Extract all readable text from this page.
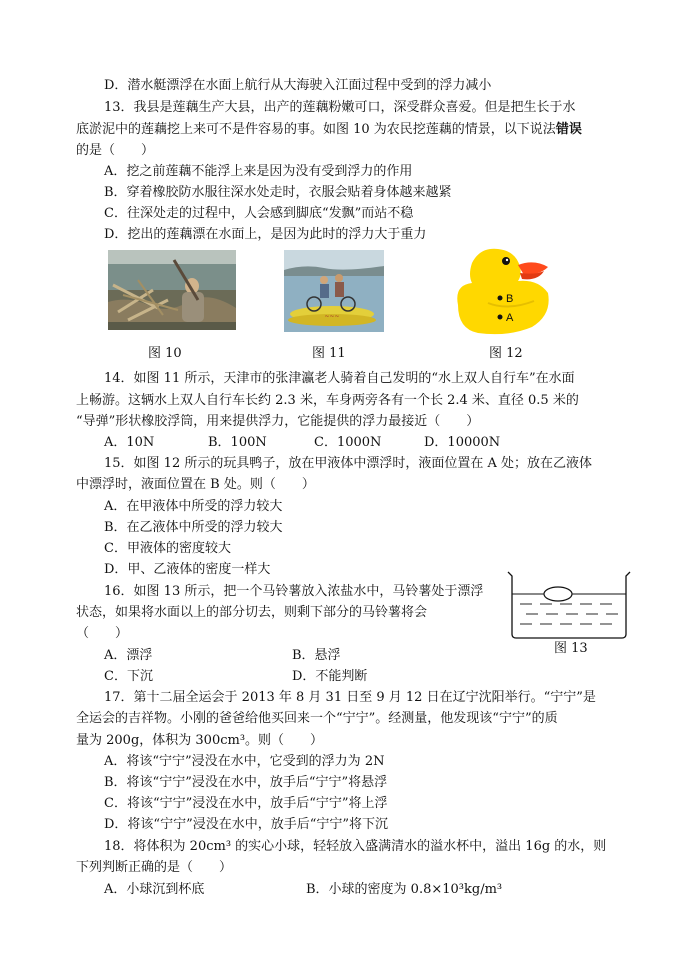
D．潜水艇漂浮在水面上航行从大海驶入江面过程中受到的浮力减小
13．我县是莲藕生产大县，出产的莲藕粉嫩可口，深受群众喜爱。但是把生长于水
底淤泥中的莲藕挖上来可不是件容易的事。如图 10 为农民挖莲藕的情景，以下说法错误
的是（　　）
A．挖之前莲藕不能浮上来是因为没有受到浮力的作用
B．穿着橡胶防水服往深水处走时，衣服会贴着身体越来越紧
C．往深处走的过程中，人会感到脚底“发飘”而站不稳
D．挖出的莲藕漂在水面上，是因为此时的浮力大于重力
图 10
~~~
图 11
B
A
图 12
14．如图 11 所示，天津市的张津瀛老人骑着自己发明的“水上双人自行车”在水面
上畅游。这辆水上双人自行车长约 2.3 米，车身两旁各有一个长 2.4 米、直径 0.5 米的
“导弹”形状橡胶浮筒，用来提供浮力，它能提供的浮力最接近（　　）
A．10N	B．100N	C．1000N	D．10000N
15．如图 12 所示的玩具鸭子，放在甲液体中漂浮时，液面位置在 A 处；放在乙液体
中漂浮时，液面位置在 B 处。则（　　）
A．在甲液体中所受的浮力较大
B．在乙液体中所受的浮力较大
C．甲液体的密度较大
D．甲、乙液体的密度一样大
16．如图 13 所示，把一个马铃薯放入浓盐水中，马铃薯处于漂浮
状态，如果将水面以上的部分切去，则剩下部分的马铃薯将会
（　　）
A．漂浮	B．悬浮
C．下沉	D．不能判断
图 13
17．第十二届全运会于 2013 年 8 月 31 日至 9 月 12 日在辽宁沈阳举行。“宁宁”是
全运会的吉祥物。小刚的爸爸给他买回来一个“宁宁”。经测量，他发现该“宁宁”的质
量为 200g，体积为 300cm³。则（　　）
A．将该“宁宁”浸没在水中，它受到的浮力为 2N
B．将该“宁宁”浸没在水中，放手后“宁宁”将悬浮
C．将该“宁宁”浸没在水中，放手后“宁宁”将上浮
D．将该“宁宁”浸没在水中，放手后“宁宁”将下沉
18．将体积为 20cm³ 的实心小球，轻轻放入盛满清水的溢水杯中，溢出 16g 的水，则
下列判断正确的是（　　）
A．小球沉到杯底	B．小球的密度为 0.8×10³kg/m³
